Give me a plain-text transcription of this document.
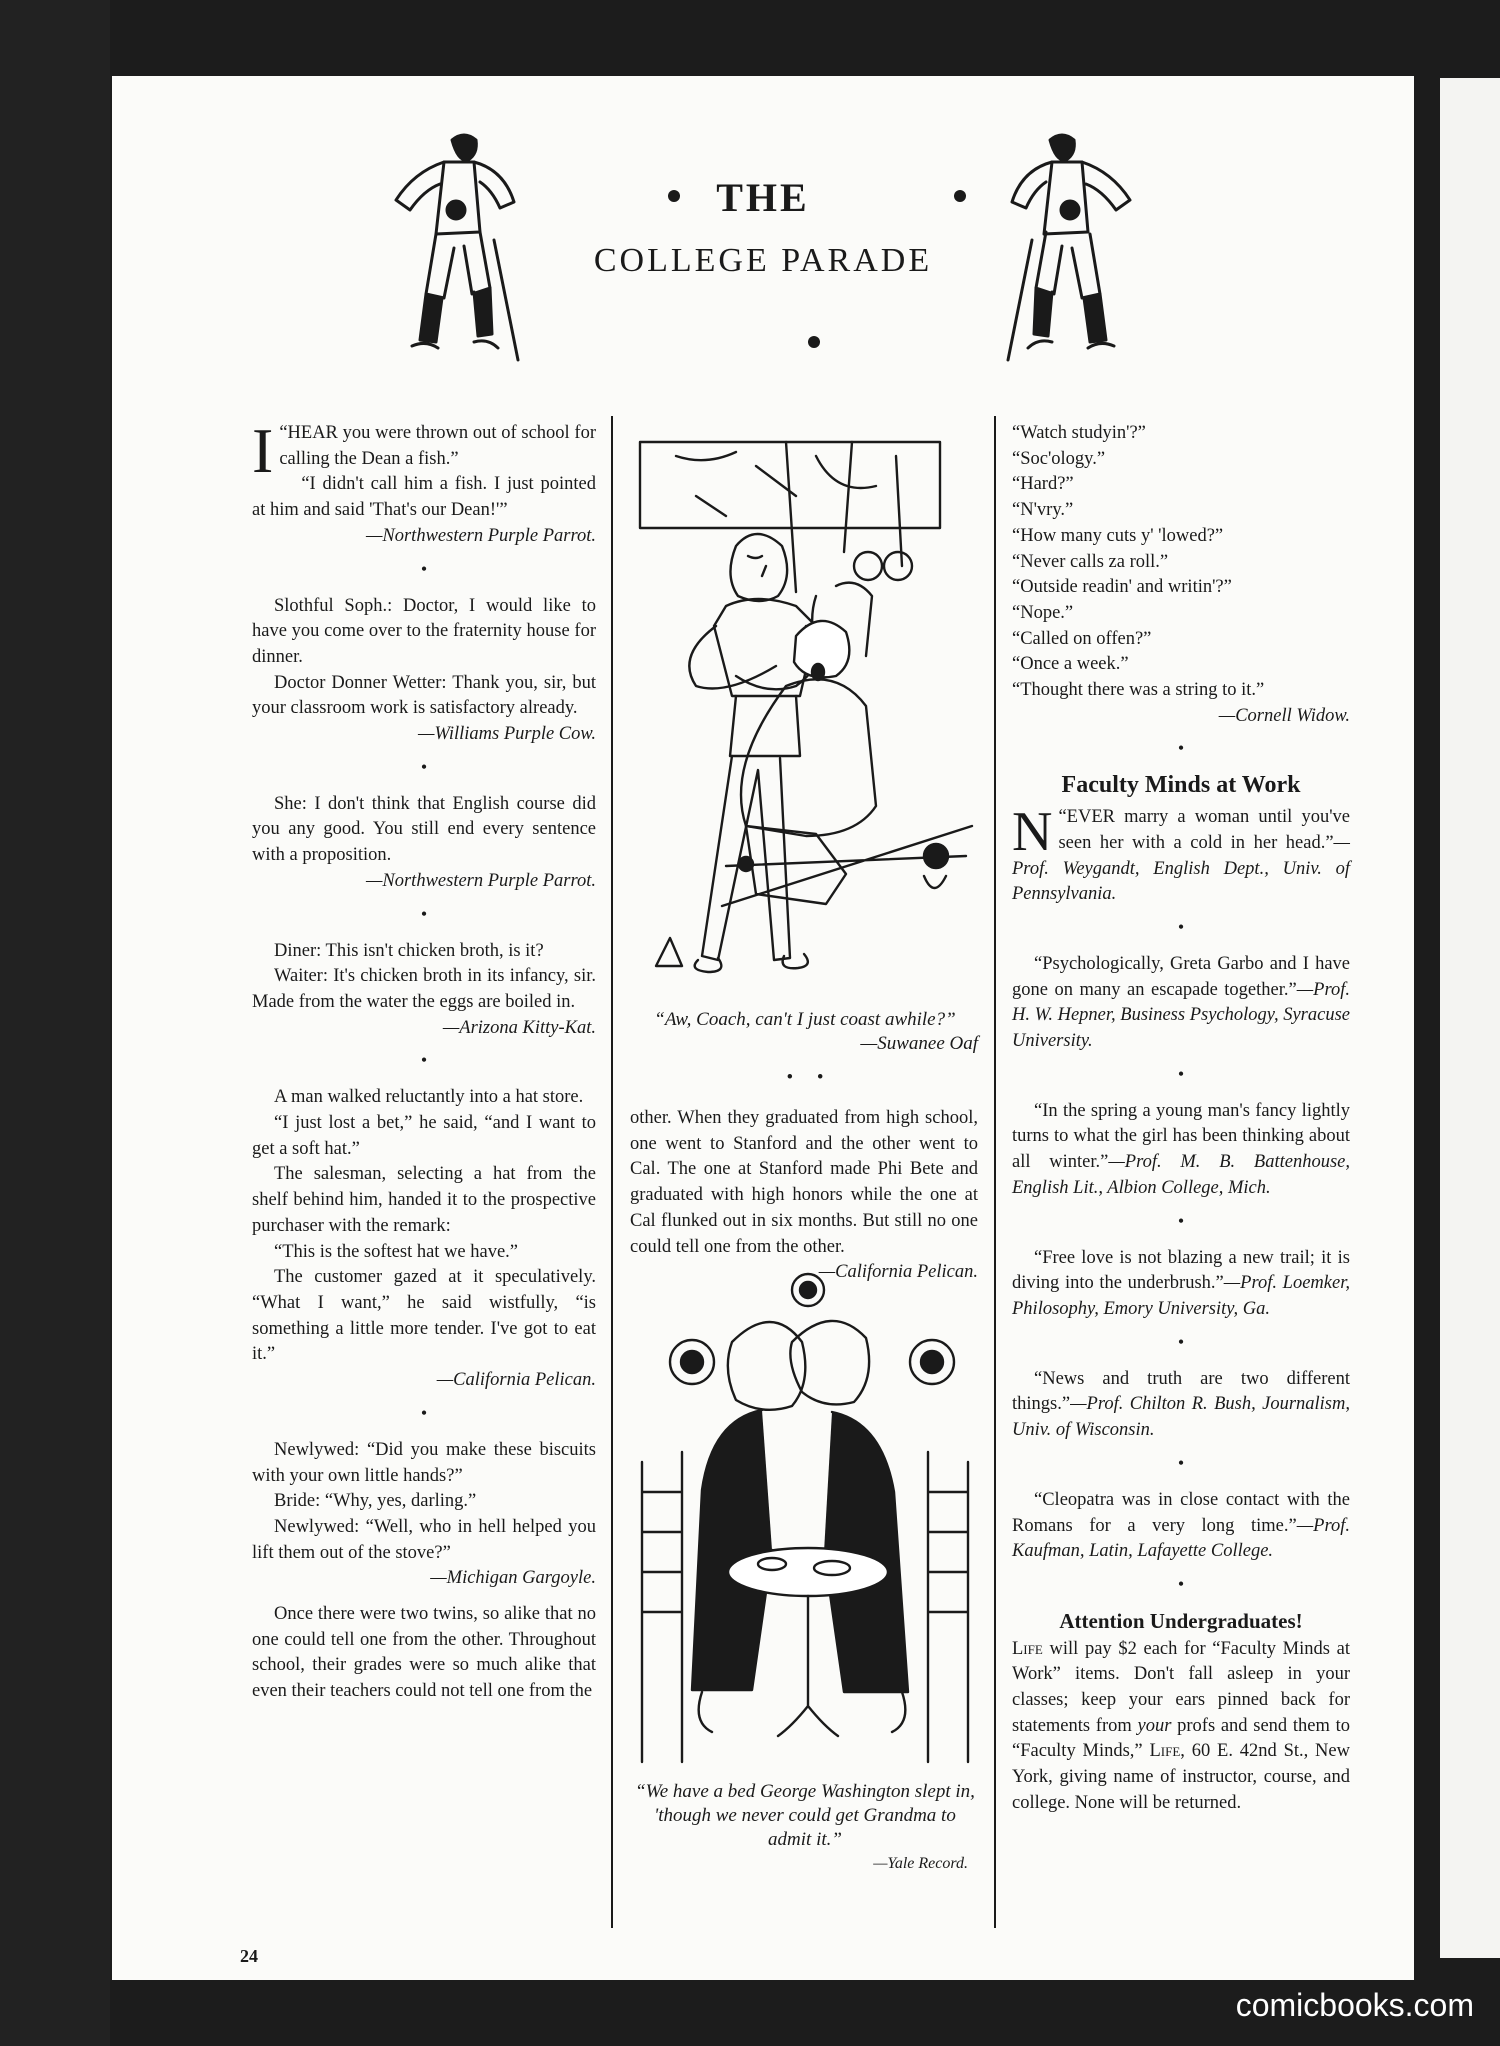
THE
COLLEGE PARADE

“
I HEAR you were thrown out of school for calling the Dean a fish.”

“I didn't call him a fish. I just pointed at him and said 'That's our Dean!'”

—Northwestern Purple Parrot.

•

Slothful Soph.: Doctor, I would like to have you come over to the fraternity house for dinner.

Doctor Donner Wetter: Thank you, sir, but your classroom work is satisfactory already.

—Williams Purple Cow.

•

She: I don't think that English course did you any good. You still end every sentence with a proposition.

—Northwestern Purple Parrot.

•

Diner: This isn't chicken broth, is it?

Waiter: It's chicken broth in its infancy, sir. Made from the water the eggs are boiled in.

—Arizona Kitty-Kat.

•

A man walked reluctantly into a hat store.

“I just lost a bet,” he said, “and I want to get a soft hat.”

The salesman, selecting a hat from the shelf behind him, handed it to the prospective purchaser with the remark:

“This is the softest hat we have.”

The customer gazed at it speculatively. “What I want,” he said wistfully, “is something a little more tender. I've got to eat it.”

—California Pelican.

•

Newlywed: “Did you make these biscuits with your own little hands?”

Bride: “Why, yes, darling.”

Newlywed: “Well, who in hell helped you lift them out of the stove?”

—Michigan Gargoyle.

Once there were two twins, so alike that no one could tell one from the other. Throughout school, their grades were so much alike that even their teachers could not tell one from the

“Aw, Coach, can't I just coast awhile?”
—Suwanee Oaf
•     •

other. When they graduated from high school, one went to Stanford and the other went to Cal. The one at Stanford made Phi Bete and graduated with high honors while the one at Cal flunked out in six months. But still no one could tell one from the other.

—California Pelican.

“We have a bed George Washington slept in, 'though we never could get Grandma to admit it.”
—Yale Record.

“Watch studyin'?”

“Soc'ology.”

“Hard?”

“N'vry.”

“How many cuts y' 'lowed?”

“Never calls za roll.”

“Outside readin' and writin'?”

“Nope.”

“Called on offen?”

“Once a week.”

“Thought there was a string to it.”

—Cornell Widow.

•
Faculty Minds at Work

“
N EVER marry a woman until you've seen her with a cold in her head.”—Prof. Weygandt, English Dept., Univ. of Pennsylvania.

•

“Psychologically, Greta Garbo and I have gone on many an escapade together.”—Prof. H. W. Hepner, Business Psychology, Syracuse University.

•

“In the spring a young man's fancy lightly turns to what the girl has been thinking about all winter.”—Prof. M. B. Battenhouse, English Lit., Albion College, Mich.

•

“Free love is not blazing a new trail; it is diving into the underbrush.”—Prof. Loemker, Philosophy, Emory University, Ga.

•

“News and truth are two different things.”—Prof. Chilton R. Bush, Journalism, Univ. of Wisconsin.

•

“Cleopatra was in close contact with the Romans for a very long time.”—Prof. Kaufman, Latin, Lafayette College.

•
Attention Undergraduates!

Life will pay $2 each for “Faculty Minds at Work” items. Don't fall asleep in your classes; keep your ears pinned back for statements from your profs and send them to “Faculty Minds,” Life, 60 E. 42nd St., New York, giving name of instructor, course, and college. None will be returned.

24
comicbooks.com
